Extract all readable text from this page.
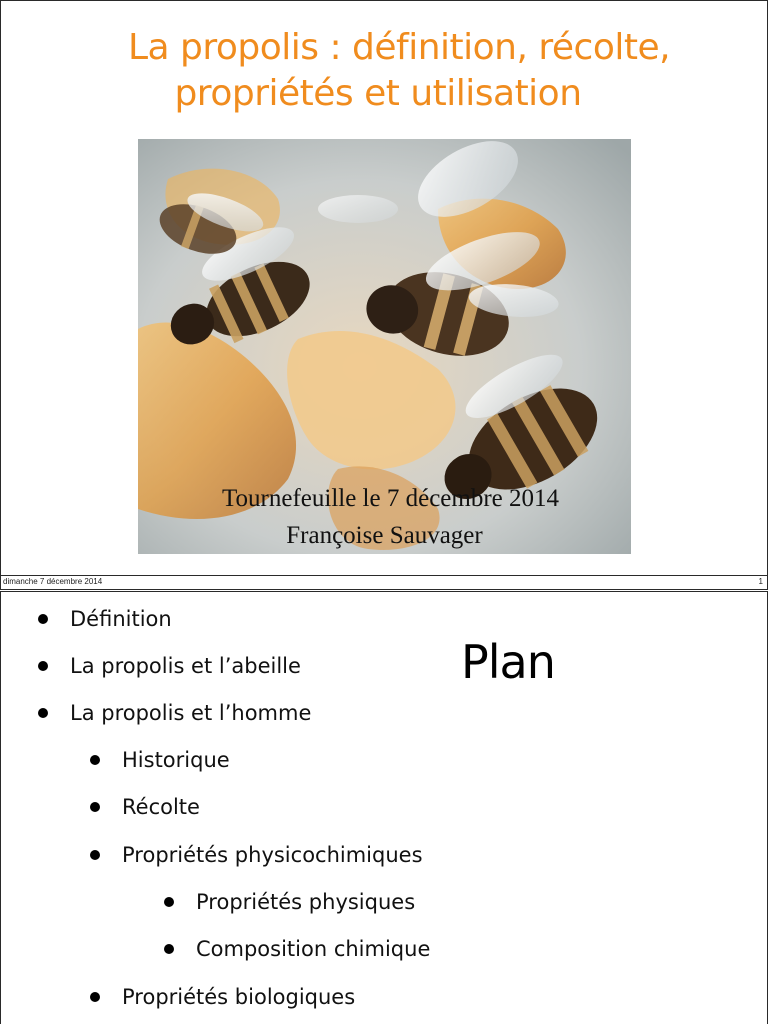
La propolis : définition, récolte,
propriétés et utilisation
Tournefeuille le 7 décembre 2014
Françoise Sauvager
dimanche 7 décembre 2014	1
Plan
Définition
La propolis et l’abeille
La propolis et l’homme
Historique
Récolte
Propriétés physicochimiques
Propriétés physiques
Composition chimique
Propriétés biologiques
